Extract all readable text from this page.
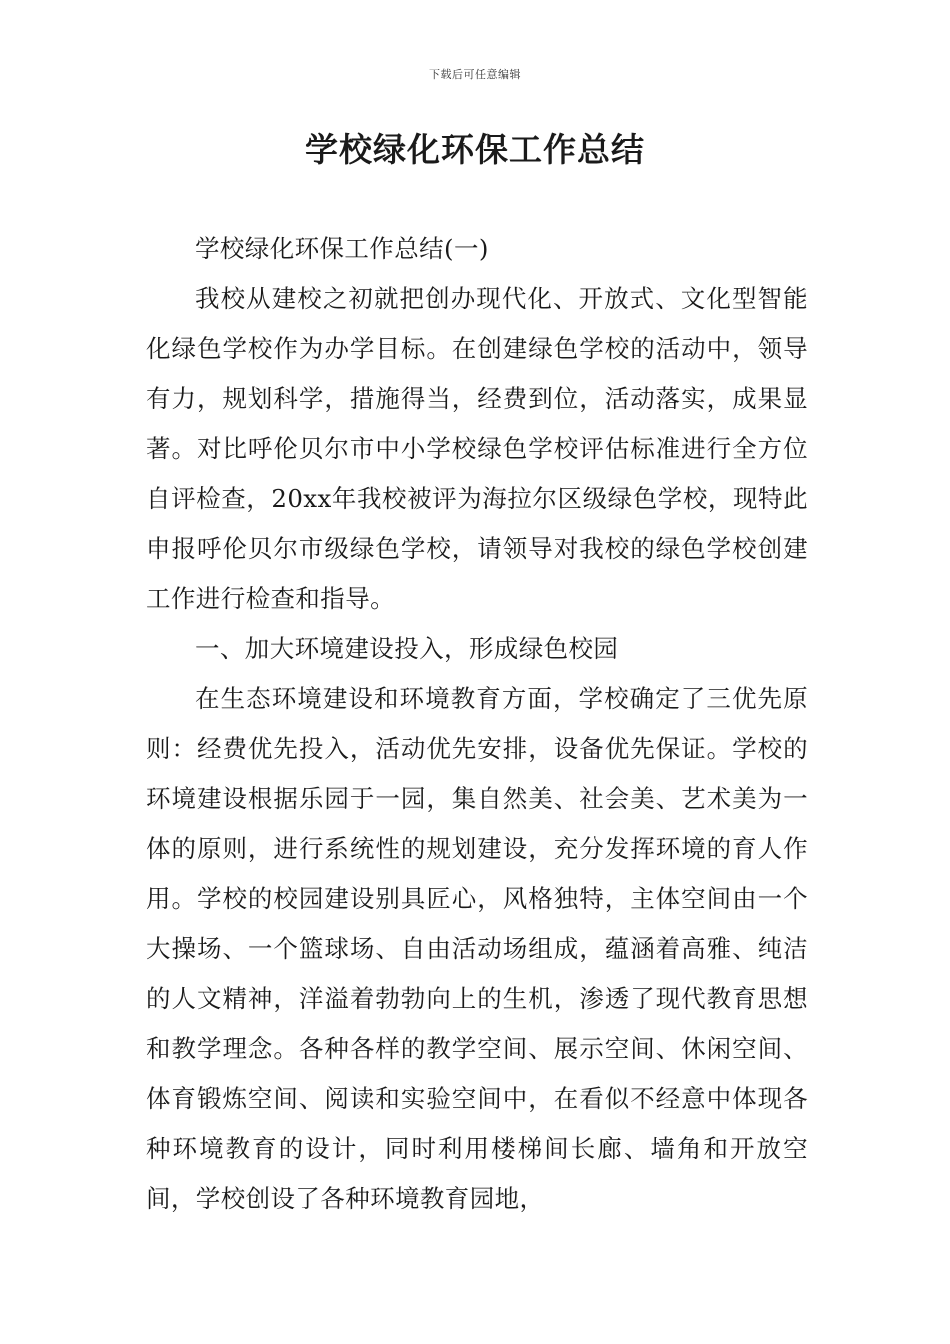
下载后可任意编辑
学校绿化环保工作总结

学校绿化环保工作总结(一)

我校从建校之初就把创办现代化、开放式、文化型智能化绿色学校作为办学目标。在创建绿色学校的活动中，领导有力，规划科学，措施得当，经费到位，活动落实，成果显著。对比呼伦贝尔市中小学校绿色学校评估标准进行全方位自评检查，20xx年我校被评为海拉尔区级绿色学校，现特此申报呼伦贝尔市级绿色学校，请领导对我校的绿色学校创建工作进行检查和指导。

一、加大环境建设投入，形成绿色校园

在生态环境建设和环境教育方面，学校确定了三优先原则：经费优先投入，活动优先安排，设备优先保证。学校的环境建设根据乐园于一园，集自然美、社会美、艺术美为一体的原则，进行系统性的规划建设，充分发挥环境的育人作用。学校的校园建设别具匠心，风格独特，主体空间由一个大操场、一个篮球场、自由活动场组成，蕴涵着高雅、纯洁的人文精神，洋溢着勃勃向上的生机，渗透了现代教育思想和教学理念。各种各样的教学空间、展示空间、休闲空间、体育锻炼空间、阅读和实验空间中，在看似不经意中体现各种环境教育的设计，同时利用楼梯间长廊、墙角和开放空间，学校创设了各种环境教育园地，
